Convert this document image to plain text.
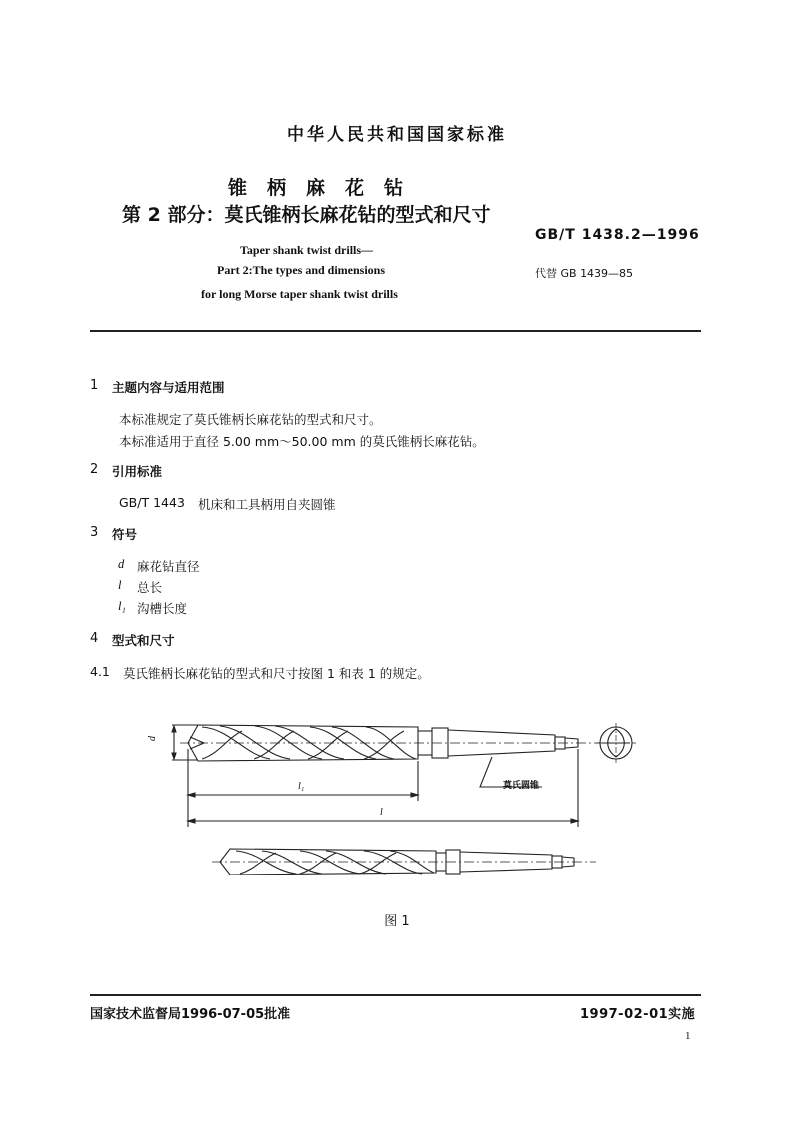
中华人民共和国国家标准
锥柄麻花钻
第 2 部分：莫氏锥柄长麻花钻的型式和尺寸
GB/T 1438.2—1996
Taper shank twist drills—
Part 2:The types and dimensions
for long Morse taper shank twist drills
代替 GB 1439—85
1 主题内容与适用范围
本标准规定了莫氏锥柄长麻花钻的型式和尺寸。
本标准适用于直径 5.00 mm～50.00 mm 的莫氏锥柄长麻花钻。
2 引用标准
GB/T 1443 机床和工具柄用自夹圆锥
3 符号
d 麻花钻直径
l 总长
l₁ 沟槽长度
4 型式和尺寸
4.1 莫氏锥柄长麻花钻的型式和尺寸按图 1 和表 1 的规定。
d
l₁
l
莫氏圆锥
图 1
国家技术监督局1996-07-05批准	1997-02-01实施
1
